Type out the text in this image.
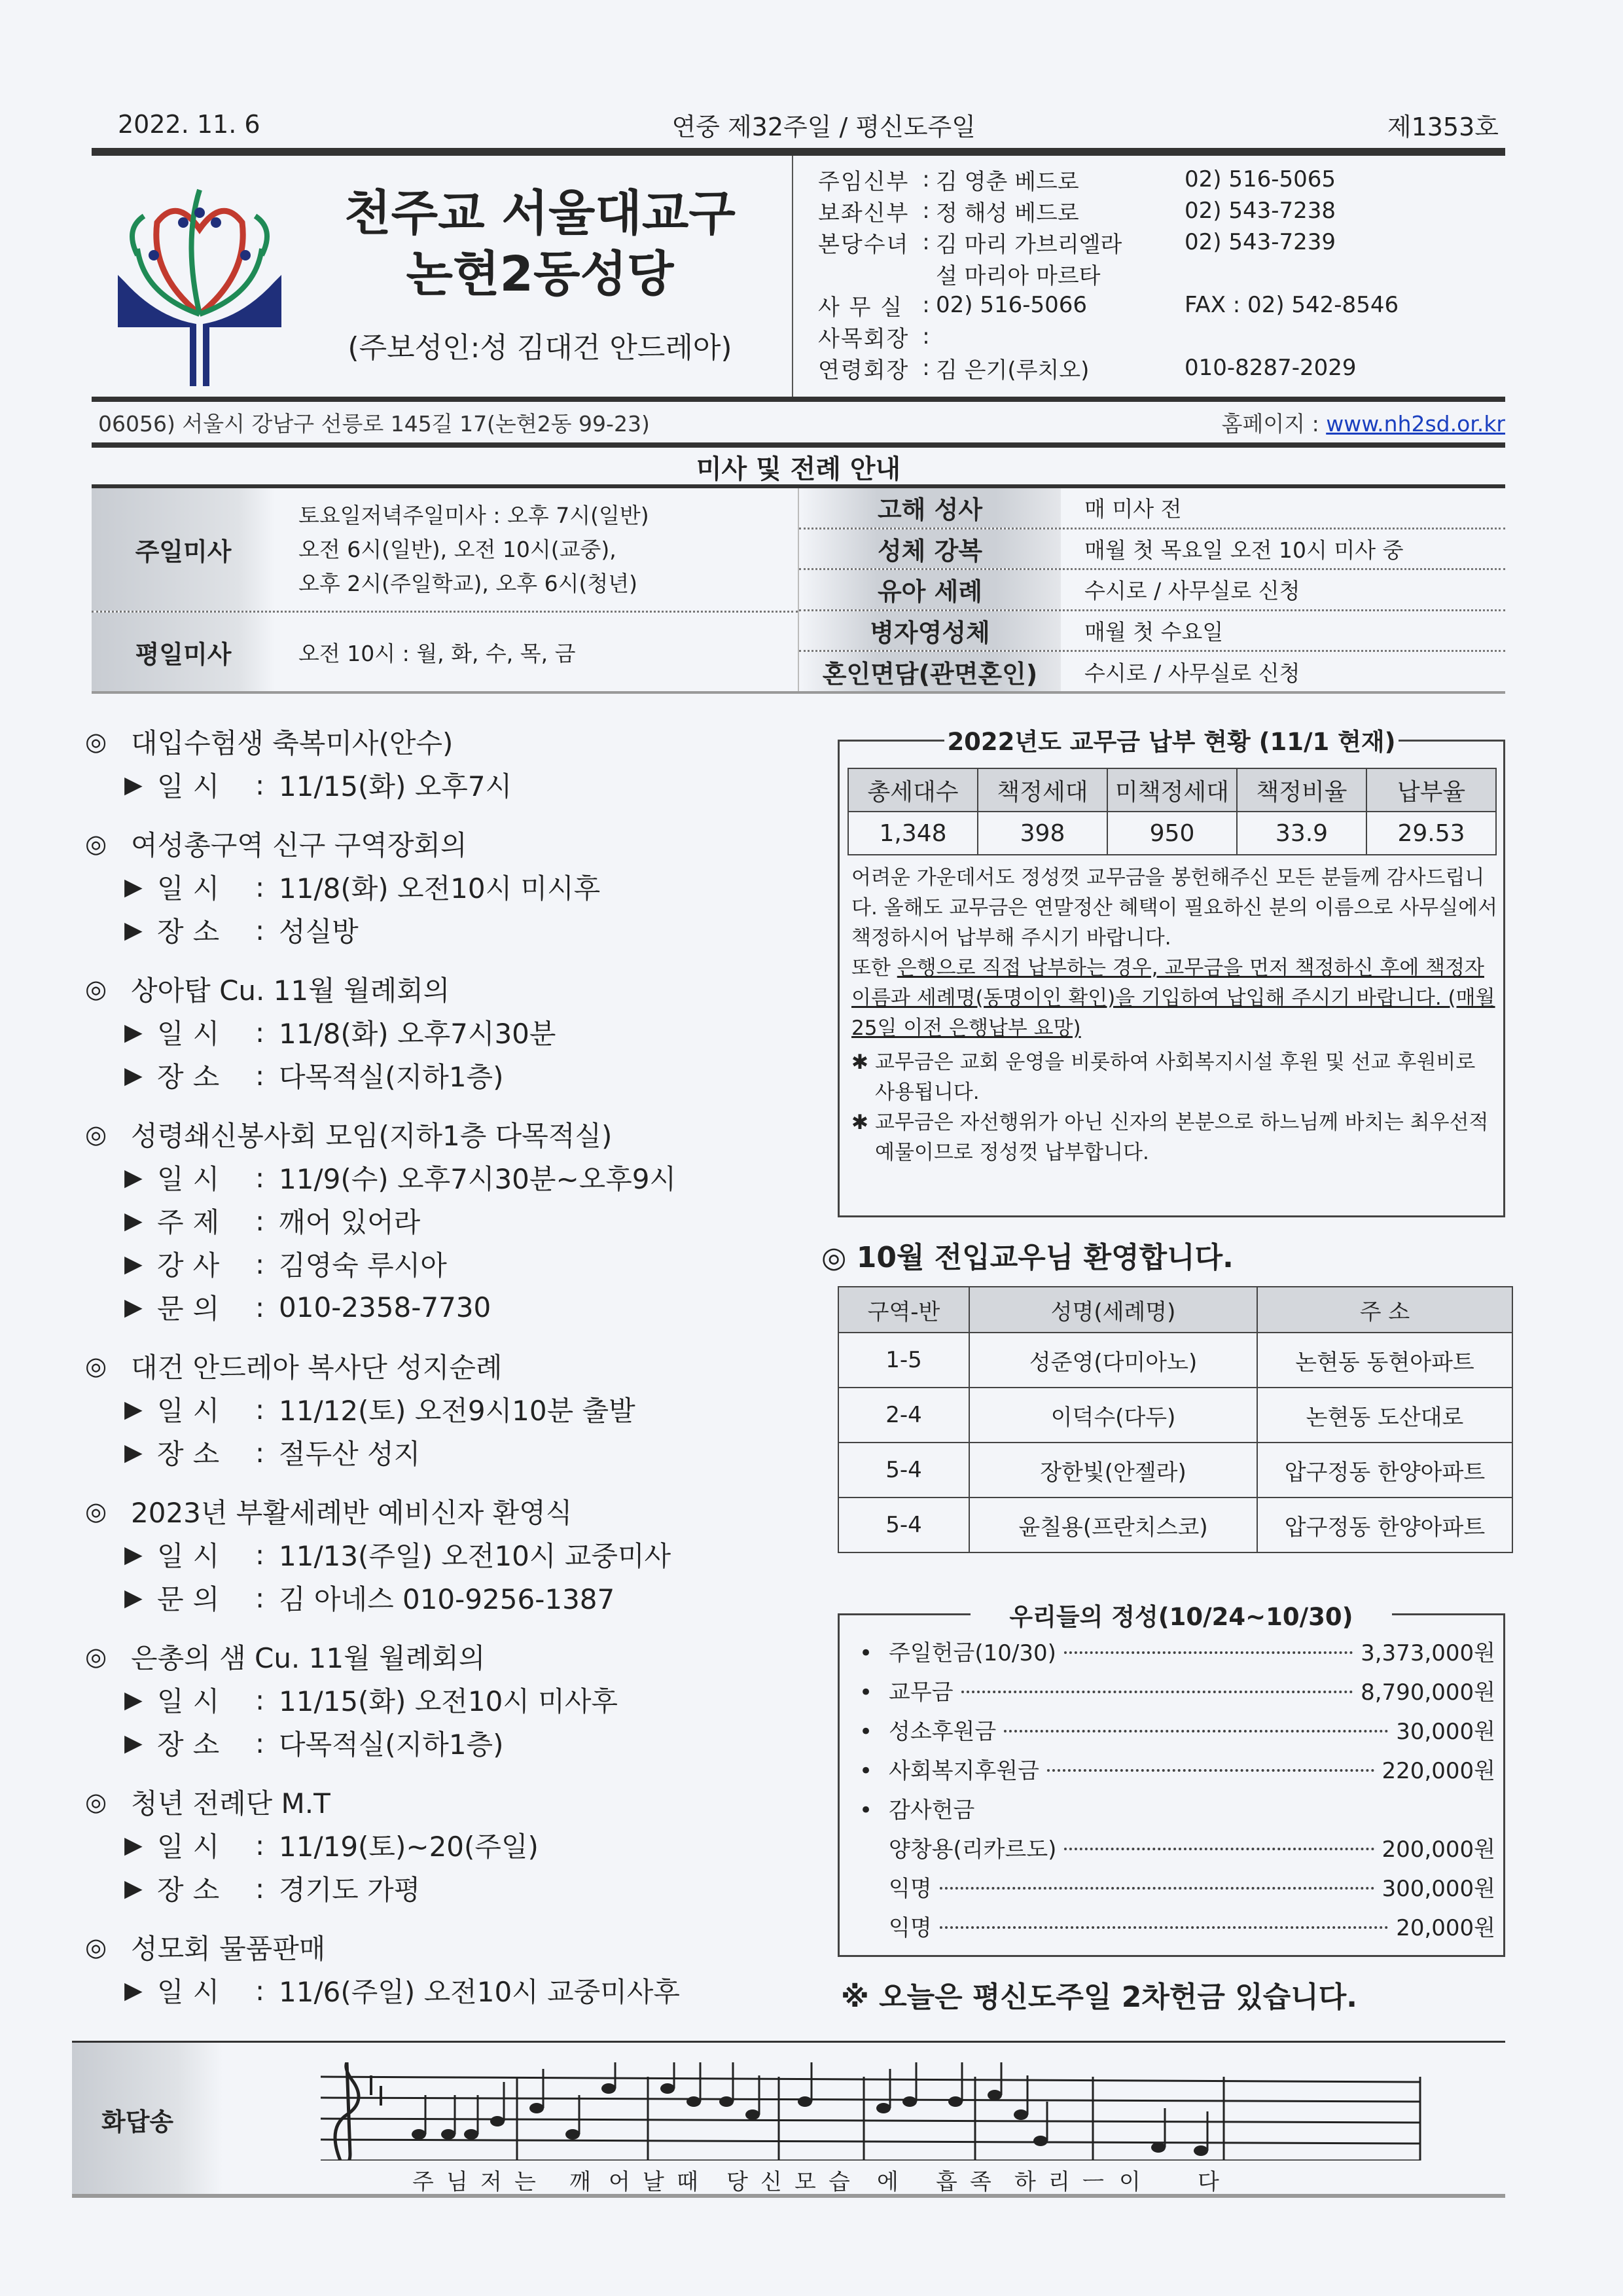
2022. 11. 6	연중 제32주일 / 평신도주일	제1353호
천주교 서울대교구
논현2동성당
(주보성인:성 김대건 안드레아)
주임신부 : 김 영춘 베드로	02) 516-5065
보좌신부 : 정 해성 베드로	02) 543-7238
본당수녀 : 김 마리 가브리엘라	02) 543-7239
설 마리아 마르타
사 무 실 : 02) 516-5066	FAX : 02) 542-8546
사목회장 :
연령회장 : 김 은기(루치오)	010-8287-2029
06056) 서울시 강남구 선릉로 145길 17(논현2동 99-23)	홈페이지 : www.nh2sd.or.kr
미사 및 전례 안내
주일미사
토요일저녁주일미사 : 오후 7시(일반)
오전 6시(일반), 오전 10시(교중),
오후 2시(주일학교), 오후 6시(청년)
평일미사	오전 10시 : 월, 화, 수, 목, 금
고해 성사	매 미사 전
성체 강복	매월 첫 목요일 오전 10시 미사 중
유아 세례	수시로 / 사무실로 신청
병자영성체	매월 첫 수요일
혼인면담(관면혼인)	수시로 / 사무실로 신청
◎ 대입수험생 축복미사(안수)
▶ 일시 : 11/15(화) 오후7시
◎ 여성총구역 신구 구역장회의
▶ 일시 : 11/8(화) 오전10시 미시후
▶ 장소 : 성실방
◎ 상아탑 Cu. 11월 월례회의
▶ 일시 : 11/8(화) 오후7시30분
▶ 장소 : 다목적실(지하1층)
◎ 성령쇄신봉사회 모임(지하1층 다목적실)
▶ 일시 : 11/9(수) 오후7시30분~오후9시
▶ 주제 : 깨어 있어라
▶ 강사 : 김영숙 루시아
▶ 문의 : 010-2358-7730
◎ 대건 안드레아 복사단 성지순례
▶ 일시 : 11/12(토) 오전9시10분 출발
▶ 장소 : 절두산 성지
◎ 2023년 부활세례반 예비신자 환영식
▶ 일시 : 11/13(주일) 오전10시 교중미사
▶ 문의 : 김 아네스 010-9256-1387
◎ 은총의 샘 Cu. 11월 월례회의
▶ 일시 : 11/15(화) 오전10시 미사후
▶ 장소 : 다목적실(지하1층)
◎ 청년 전례단 M.T
▶ 일시 : 11/19(토)~20(주일)
▶ 장소 : 경기도 가평
◎ 성모회 물품판매
▶ 일시 : 11/6(주일) 오전10시 교중미사후
2022년도 교무금 납부 현황 (11/1 현재)
총세대수	책정세대	미책정세대	책정비율	납부율
1,348	398	950	33.9	29.53
어려운 가운데서도 정성껏 교무금을 봉헌해주신 모든 분들께 감사드립니다. 올해도 교무금은 연말정산 혜택이 필요하신 분의 이름으로 사무실에서 책정하시어 납부해 주시기 바랍니다.
또한 은행으로 직접 납부하는 경우, 교무금을 먼저 책정하신 후에 책정자 이름과 세례명(동명이인 확인)을 기입하여 납입해 주시기 바랍니다. (매월 25일 이전 은행납부 요망)
✱ 교무금은 교회 운영을 비롯하여 사회복지시설 후원 및 선교 후원비로 사용됩니다.
✱ 교무금은 자선행위가 아닌 신자의 본분으로 하느님께 바치는 최우선적 예물이므로 정성껏 납부합니다.
◎ 10월 전입교우님 환영합니다.
구역-반	성명(세례명)	주 소
1-5	성준영(다미아노)	논현동 동현아파트
2-4	이덕수(다두)	논현동 도산대로
5-4	장한빛(안젤라)	압구정동 한양아파트
5-4	윤칠용(프란치스코)	압구정동 한양아파트
우리들의 정성(10/24~10/30)
• 주일헌금(10/30)	3,373,000원
• 교무금	8,790,000원
• 성소후원금	30,000원
• 사회복지후원금	220,000원
• 감사헌금
양창용(리카르도)	200,000원
익명	300,000원
익명	20,000원
※ 오늘은 평신도주일 2차헌금 있습니다.
화답송
주 님 저 는 깨 어 날 때 당 신 모 습 에 흡 족 하 리 ㅡ 이	다
